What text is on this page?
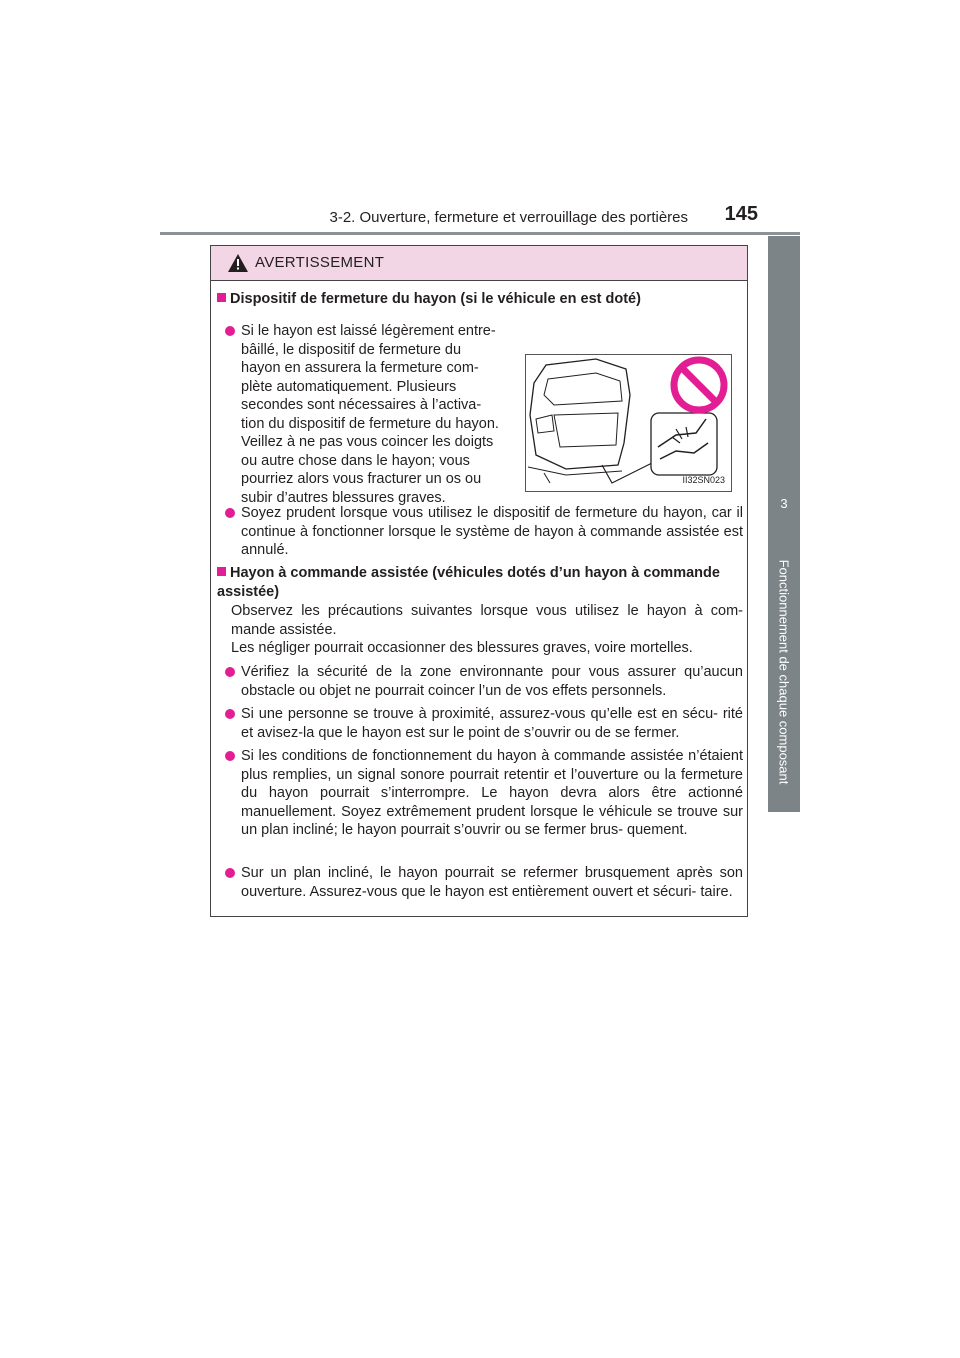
3-2. Ouverture, fermeture et verrouillage des portières 145
3
Fonctionnement de chaque composant
AVERTISSEMENT
Dispositif de fermeture du hayon (si le véhicule en est doté)
Si le hayon est laissé légèrement entre-
bâillé, le dispositif de fermeture du
hayon en assurera la fermeture com-
plète automatiquement. Plusieurs
secondes sont nécessaires à l’activa-
tion du dispositif de fermeture du hayon.
Veillez à ne pas vous coincer les doigts
ou autre chose dans le hayon; vous
pourriez alors vous fracturer un os ou
subir d’autres blessures graves.
II32SN023
Soyez prudent lorsque vous utilisez le dispositif de fermeture du hayon, car il continue à fonctionner lorsque le système de hayon à commande assistée est annulé.
Hayon à commande assistée (véhicules dotés d’un hayon à commande assistée)
Observez les précautions suivantes lorsque vous utilisez le hayon à com- mande assistée.
Les négliger pourrait occasionner des blessures graves, voire mortelles.
Vérifiez la sécurité de la zone environnante pour vous assurer qu’aucun obstacle ou objet ne pourrait coincer l’un de vos effets personnels.
Si une personne se trouve à proximité, assurez-vous qu’elle est en sécu- rité et avisez-la que le hayon est sur le point de s’ouvrir ou de se fermer.
Si les conditions de fonctionnement du hayon à commande assistée n’étaient plus remplies, un signal sonore pourrait retentir et l’ouverture ou la fermeture du hayon pourrait s’interrompre. Le hayon devra alors être actionné manuellement. Soyez extrêmement prudent lorsque le véhicule se trouve sur un plan incliné; le hayon pourrait s’ouvrir ou se fermer brus- quement.
Sur un plan incliné, le hayon pourrait se refermer brusquement après son ouverture. Assurez-vous que le hayon est entièrement ouvert et sécuri- taire.
